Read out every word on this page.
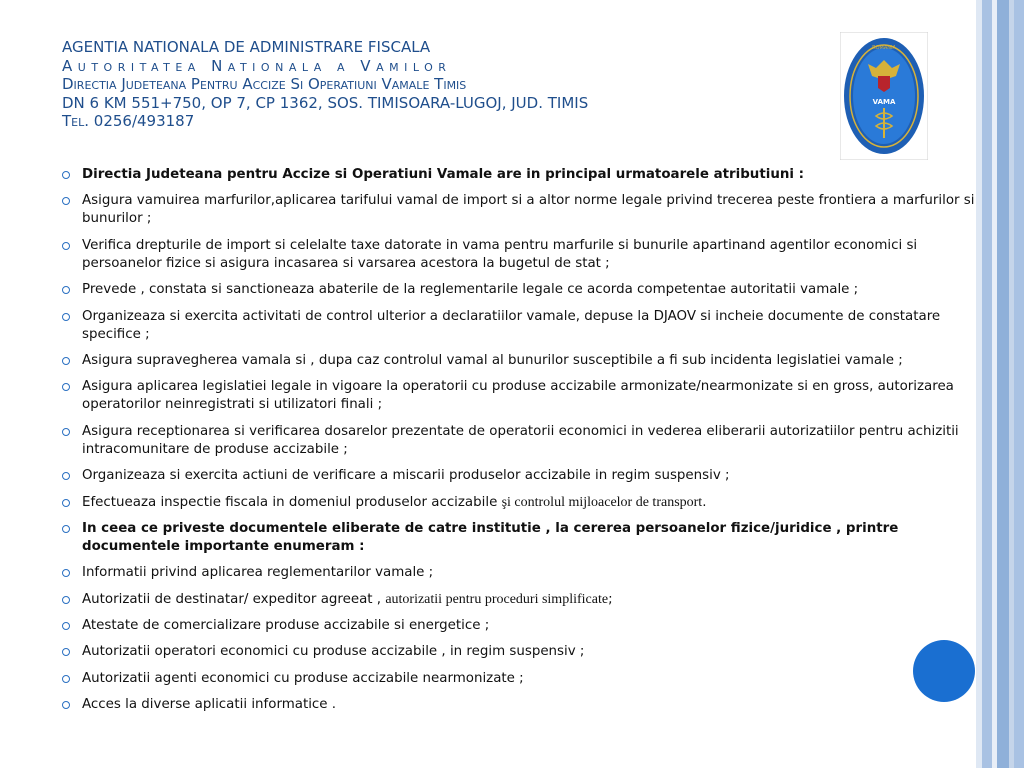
AGENTIA NATIONALA DE ADMINISTRARE FISCALA
Autoritatea Nationala a Vamilor
Directia Judeteana Pentru Accize Si Operatiuni Vamale Timis
DN 6 KM 551+750, OP 7, CP 1362, SOS. TIMISOARA-LUGOJ, JUD. TIMIS
Tel. 0256/493187
VAMA
ROMANIA
Directia Judeteana pentru Accize si Operatiuni Vamale are in principal urmatoarele atributiuni :
Asigura vamuirea marfurilor,aplicarea tarifului vamal de import si a altor norme legale privind trecerea peste frontiera a marfurilor si bunurilor ;
Verifica drepturile de import si celelalte taxe datorate in vama pentru marfurile si bunurile apartinand agentilor economici si persoanelor fizice si asigura incasarea si varsarea acestora la bugetul de stat ;
Prevede , constata si sanctioneaza abaterile de la reglementarile legale ce acorda competentae autoritatii vamale ;
Organizeaza si exercita activitati de control ulterior a declaratiilor vamale, depuse la DJAOV si incheie documente de constatare specifice ;
Asigura supravegherea vamala si , dupa caz controlul vamal al bunurilor susceptibile a fi sub incidenta legislatiei vamale ;
Asigura aplicarea legislatiei legale in vigoare la operatorii cu produse accizabile armonizate/nearmonizate si en gross, autorizarea operatorilor neinregistrati si utilizatori finali ;
Asigura receptionarea si verificarea dosarelor prezentate de operatorii economici in vederea eliberarii autorizatiilor pentru achizitii intracomunitare de produse accizabile ;
Organizeaza si exercita actiuni de verificare a miscarii produselor accizabile in regim suspensiv ;
Efectueaza inspectie fiscala in domeniul produselor accizabile şi controlul mijloacelor de transport.
In ceea ce priveste documentele eliberate de catre institutie , la cererea persoanelor fizice/juridice , printre documentele importante enumeram :
Informatii privind aplicarea reglementarilor vamale ;
Autorizatii de destinatar/ expeditor agreeat , autorizatii pentru proceduri simplificate;
Atestate de comercializare produse accizabile si energetice ;
Autorizatii operatori economici cu produse accizabile , in regim suspensiv ;
Autorizatii agenti economici cu produse accizabile nearmonizate ;
Acces la diverse aplicatii informatice .
